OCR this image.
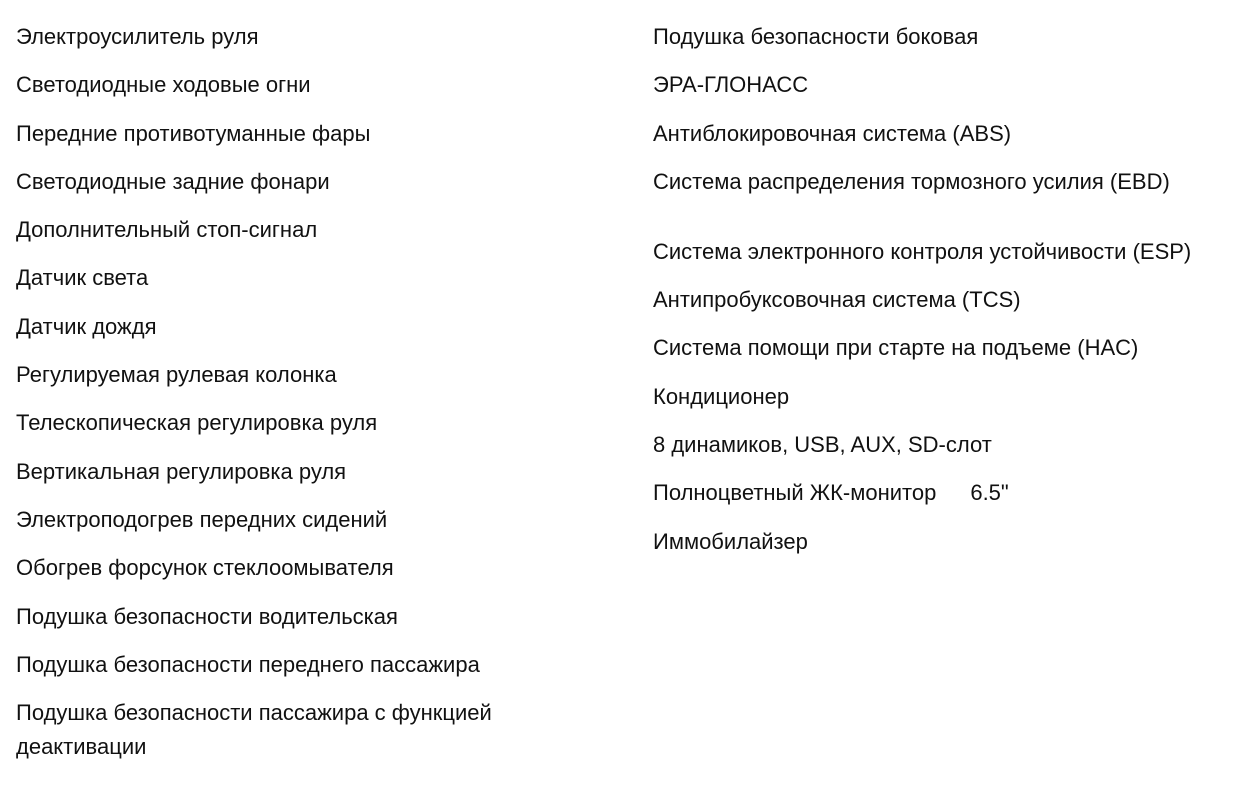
Электроусилитель руля
Светодиодные ходовые огни
Передние противотуманные фары
Светодиодные задние фонари
Дополнительный стоп-сигнал
Датчик света
Датчик дождя
Регулируемая рулевая колонка
Телескопическая регулировка руля
Вертикальная регулировка руля
Электроподогрев передних сидений
Обогрев форсунок стеклоомывателя
Подушка безопасности водительская
Подушка безопасности переднего пассажира
Подушка безопасности пассажира с функцией деактивации
Подушка безопасности боковая
ЭРА-ГЛОНАСС
Антиблокировочная система (ABS)
Система распределения тормозного усилия (EBD)
Система электронного контроля устойчивости (ESP)
Антипробуксовочная система (TCS)
Система помощи при старте на подъеме (HAC)
Кондиционер
8 динамиков, USB, AUX, SD-слот
Полноцветный ЖК-монитор 6.5"
Иммобилайзер
